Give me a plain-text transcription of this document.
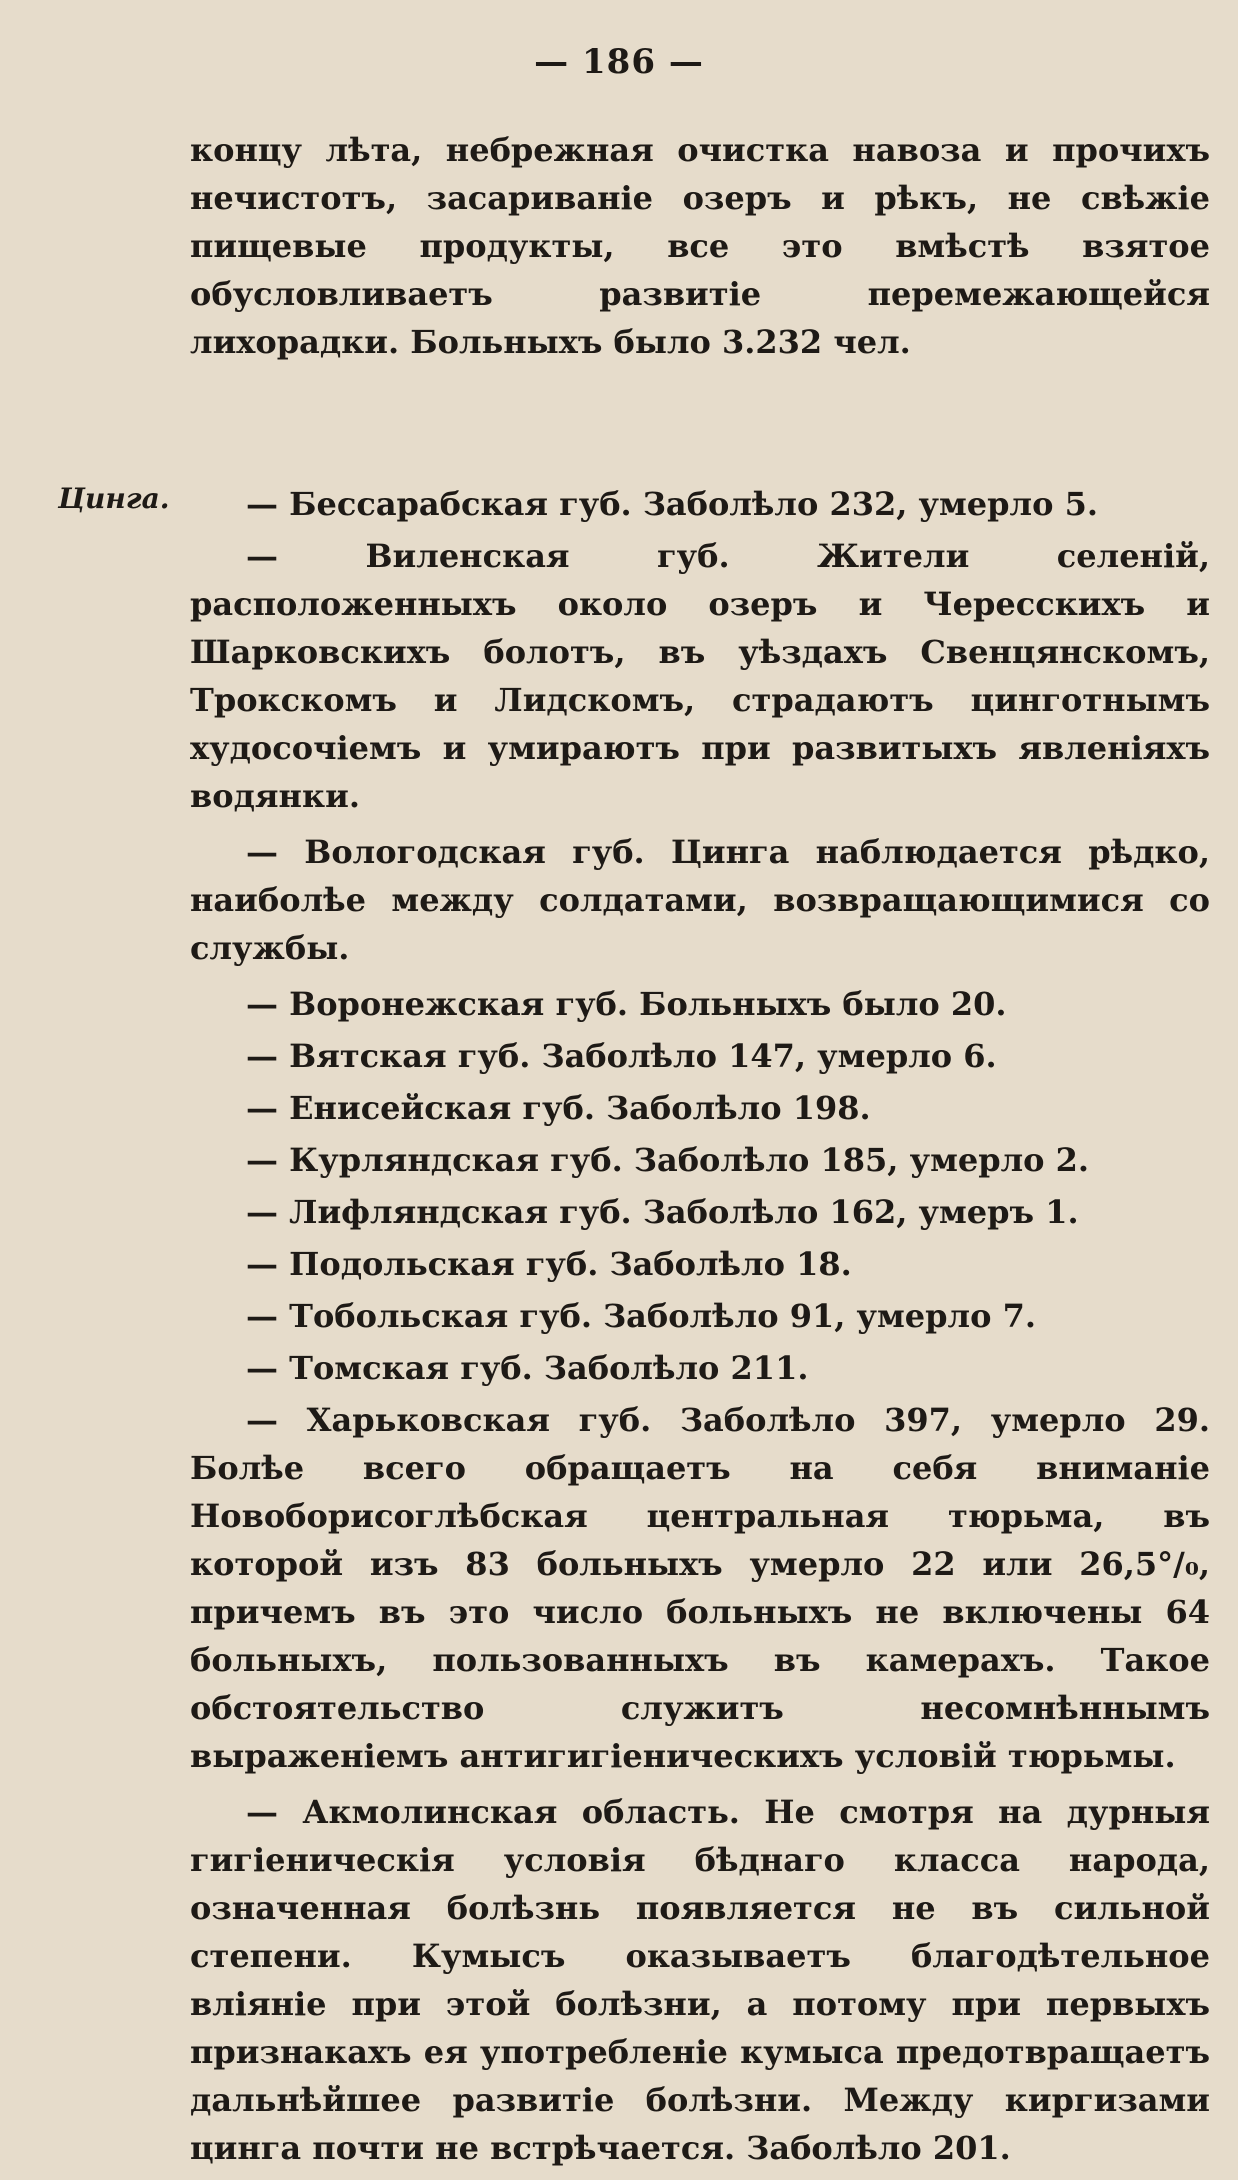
— 186 —

концу лѣта, небрежная очистка навоза и прочихъ нечистотъ, засариванiе озеръ и рѣкъ, не свѣжiе пищевые продукты, все это вмѣстѣ взятое обусловливаетъ развитiе перемежающейся лихорадки. Больныхъ было 3.232 чел.

Цинга.	— Бессарабская губ. Заболѣло 232, умерло 5.

— Виленская губ. Жители селенiй, расположенныхъ около озеръ и Чересскихъ и Шарковскихъ болотъ, въ уѣздахъ Свенцянскомъ, Трокскомъ и Лидскомъ, страдаютъ цинготнымъ худосочiемъ и умираютъ при развитыхъ явленiяхъ водянки.

— Вологодская губ. Цинга наблюдается рѣдко, наиболѣе между солдатами, возвращающимися со службы.

— Воронежская губ. Больныхъ было 20.

— Вятская губ. Заболѣло 147, умерло 6.

— Енисейская губ. Заболѣло 198.

— Курляндская губ. Заболѣло 185, умерло 2.

— Лифляндская губ. Заболѣло 162, умеръ 1.

— Подольская губ. Заболѣло 18.

— Тобольская губ. Заболѣло 91, умерло 7.

— Томская губ. Заболѣло 211.

— Харьковская губ. Заболѣло 397, умерло 29. Болѣе всего обращаетъ на себя вниманiе Новоборисоглѣбская центральная тюрьма, въ которой изъ 83 больныхъ умерло 22 или 26,5°/₀, причемъ въ это число больныхъ не включены 64 больныхъ, пользованныхъ въ камерахъ. Такое обстоятельство служитъ несомнѣннымъ выраженiемъ антигигiеническихъ условiй тюрьмы.

— Акмолинская область. Не смотря на дурныя гигiеническiя условiя бѣднаго класса народа, означенная болѣзнь появляется не въ сильной степени. Кумысъ оказываетъ благодѣтельное влiянiе при этой болѣзни, а потому при первыхъ признакахъ ея употребленiе кумыса предотвращаетъ дальнѣйшее развитiе болѣзни. Между киргизами цинга почти не встрѣчается. Заболѣло 201.
